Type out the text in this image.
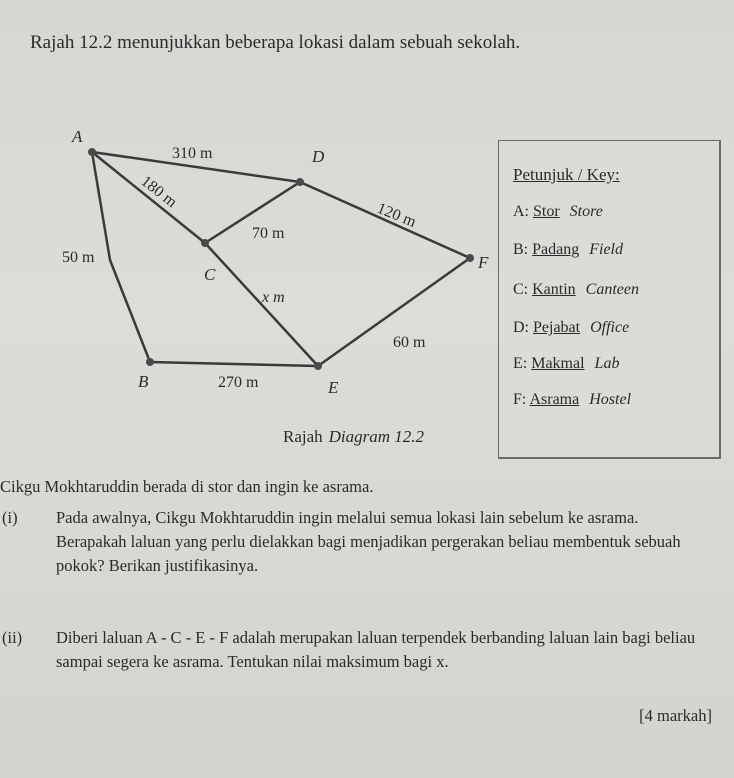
Rajah 12.2 menunjukkan beberapa lokasi dalam sebuah sekolah.
A
D
C
F
B	E
310 m
180 m
70 m
120 m
50 m
x m
60 m
270 m
Petunjuk / Key:
A: Stor Store
B: Padang Field
C: Kantin Canteen
D: Pejabat Office
E: Makmal Lab
F: Asrama Hostel
Rajah Diagram 12.2
Cikgu Mokhtaruddin berada di stor dan ingin ke asrama.
(i) Pada awalnya, Cikgu Mokhtaruddin ingin melalui semua lokasi lain sebelum ke asrama. Berapakah laluan yang perlu dielakkan bagi menjadikan pergerakan beliau membentuk sebuah pokok? Berikan justifikasinya.
(ii) Diberi laluan A - C - E - F adalah merupakan laluan terpendek berbanding laluan lain bagi beliau sampai segera ke asrama. Tentukan nilai maksimum bagi x.
[4 markah]
